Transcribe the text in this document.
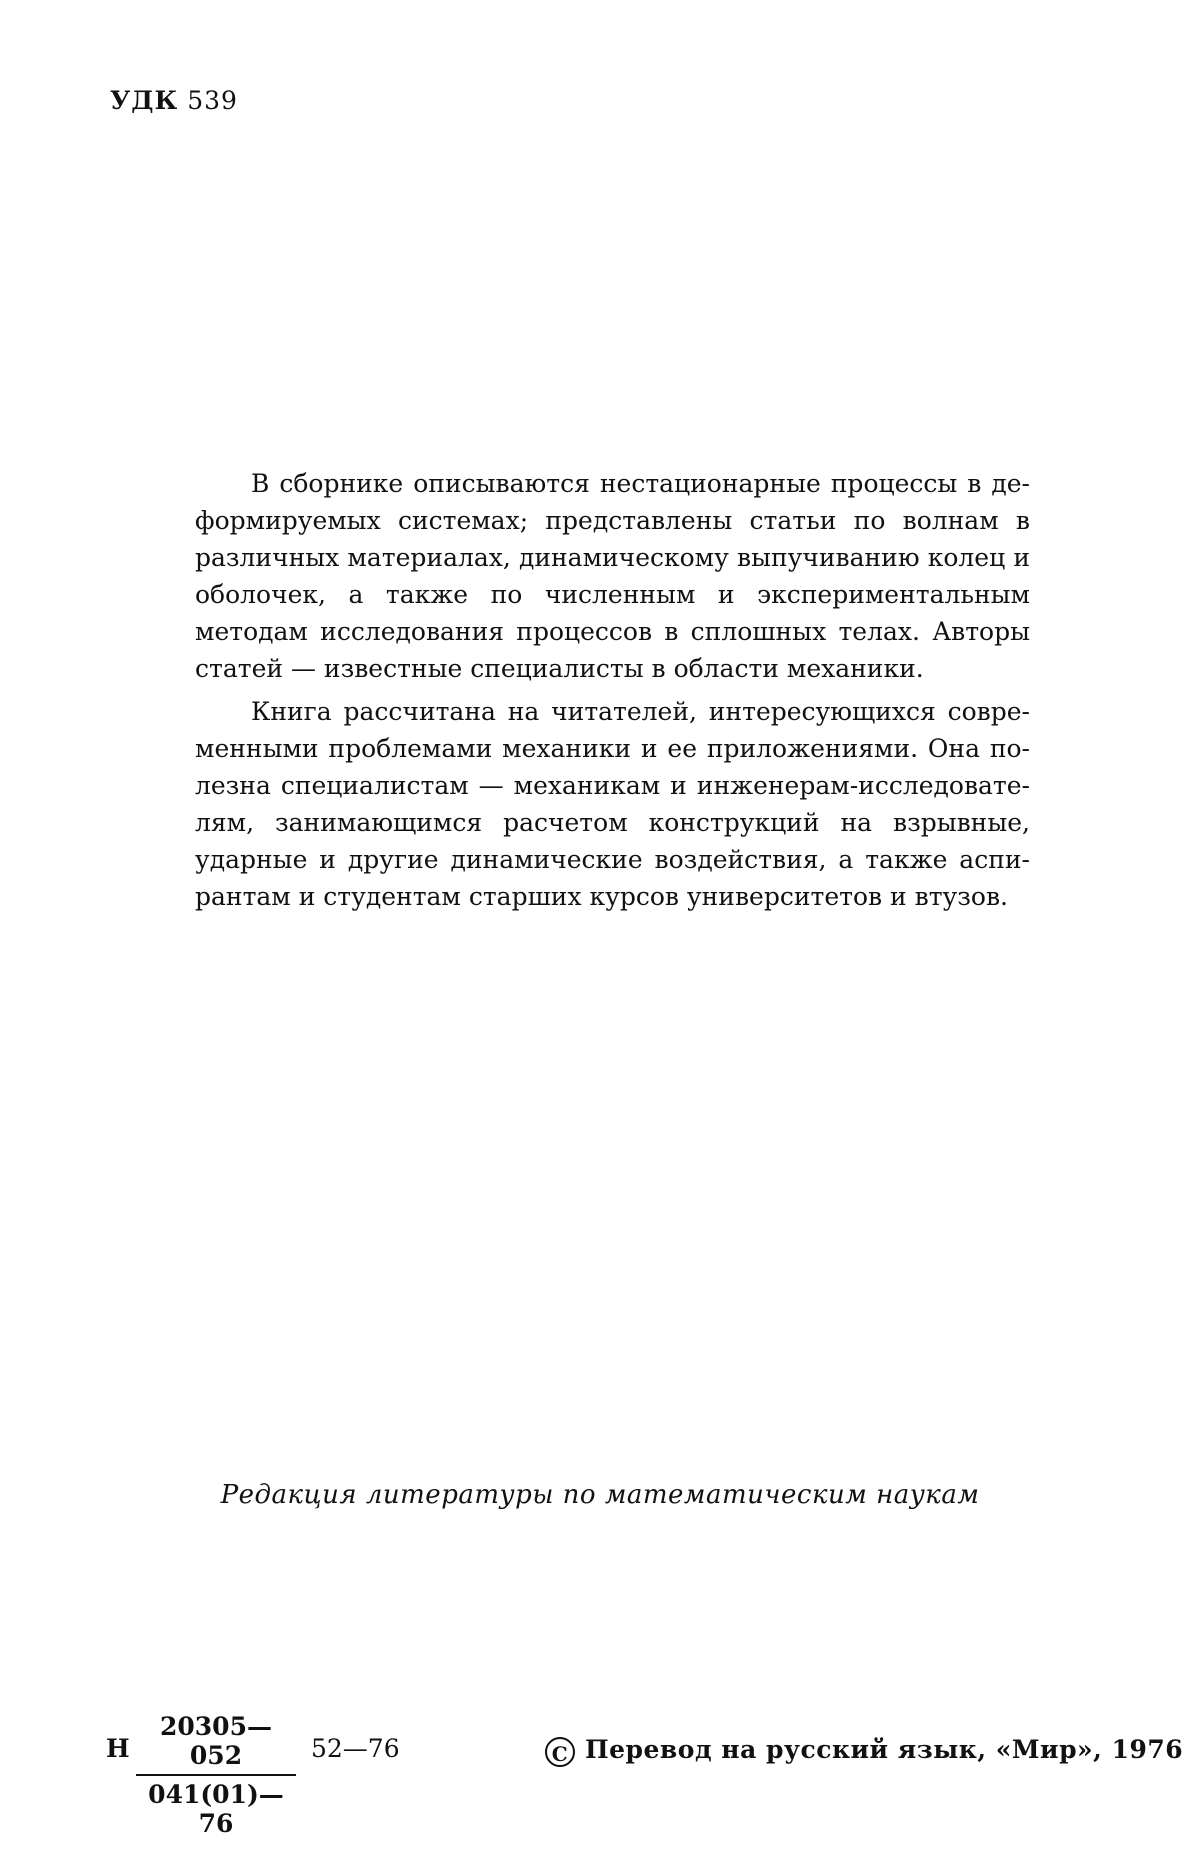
УДК 539

В сборнике описываются нестационарные процессы в деформируемых системах; представлены статьи по волнам в различных материалах, динамическому выпучиванию колец и оболочек, а также по численным и экспериментальным методам исследования процессов в сплошных телах. Авторы статей — известные специалисты в области механики.

Книга рассчитана на читателей, интересующихся современными проблемами механики и ее приложениями. Она полезна специалистам — механикам и инженерам-исследователям, занимающимся расчетом конструкций на взрывные, ударные и другие динамические воздействия, а также аспирантам и студентам старших курсов университетов и втузов.

Редакция литературы по математическим наукам
Н $\frac{20305—052}{041(01)—76}$ 52—76	C Перевод на русский язык, «Мир», 1976
